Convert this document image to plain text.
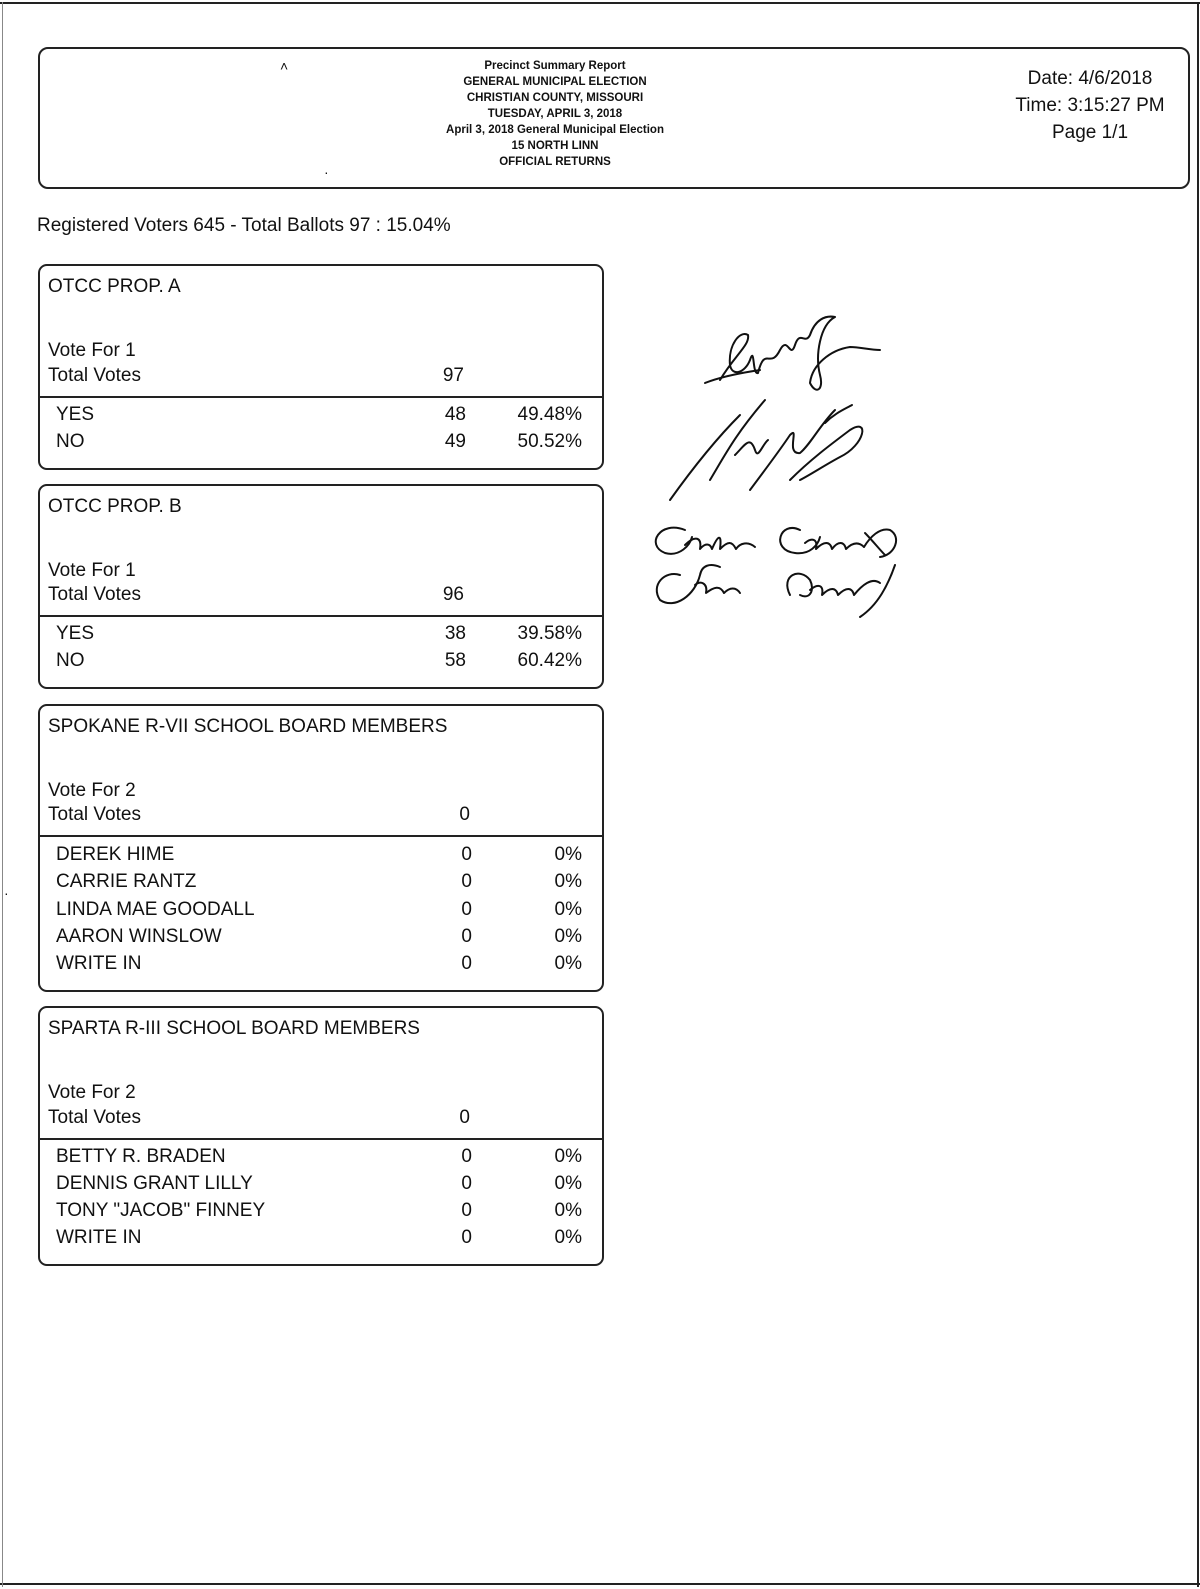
Precinct Summary Report
GENERAL MUNICIPAL ELECTION
CHRISTIAN COUNTY, MISSOURI
TUESDAY, APRIL 3, 2018
April 3, 2018 General Municipal Election
15 NORTH LINN
OFFICIAL RETURNS
Date: 4/6/2018
Time: 3:15:27 PM
Page 1/1
˄
·
Registered Voters 645 - Total Ballots 97 : 15.04%
OTCC PROP. A
Vote For 1
Total Votes	97
YES	48	49.48%
NO	49	50.52%
OTCC PROP. B
Vote For 1
Total Votes	96
YES	38	39.58%
NO	58	60.42%
SPOKANE R-VII SCHOOL BOARD MEMBERS
Vote For 2
Total Votes	0
DEREK HIME	0	0%
CARRIE RANTZ	0	0%
LINDA MAE GOODALL	0	0%
AARON WINSLOW	0	0%
WRITE IN	0	0%
SPARTA R-III SCHOOL BOARD MEMBERS
Vote For 2
Total Votes	0
BETTY R. BRADEN	0	0%
DENNIS GRANT LILLY	0	0%
TONY "JACOB" FINNEY	0	0%
WRITE IN	0	0%
·
